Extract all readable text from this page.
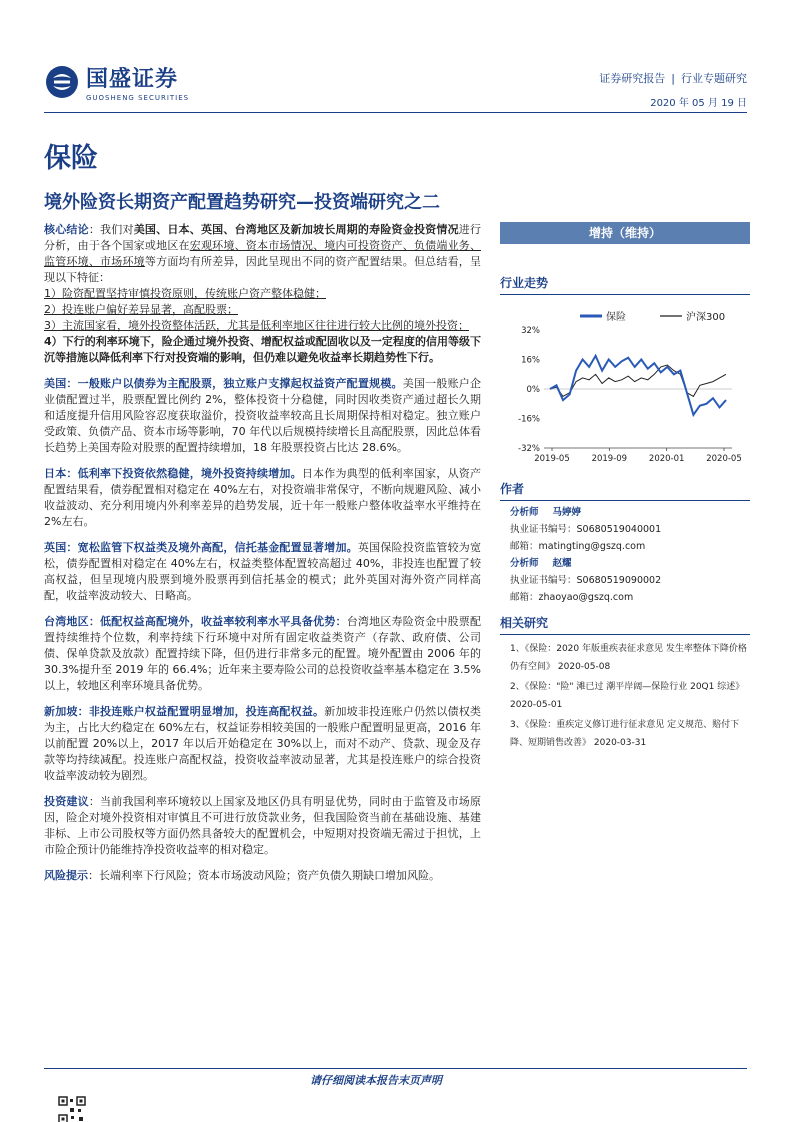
国盛证券
GUOSHENG SECURITIES
证券研究报告 | 行业专题研究
2020 年 05 月 19 日
保险
境外险资长期资产配置趋势研究—投资端研究之二

核心结论：我们对美国、日本、英国、台湾地区及新加坡长周期的寿险资金投资情况进行分析，由于各个国家或地区在宏观环境、资本市场情况、境内可投资资产、负债端业务、监管环境、市场环境等方面均有所差异，因此呈现出不同的资产配置结果。但总结看，呈现以下特征：
1）险资配置坚持审慎投资原则，传统账户资产整体稳健；
2）投连账户偏好差异显著，高配股票；
3）主流国家看，境外投资整体活跃，尤其是低利率地区往往进行较大比例的境外投资；
4）下行的利率环境下，险企通过境外投资、增配权益或配固收以及一定程度的信用等级下沉等措施以降低利率下行对投资端的影响，但仍难以避免收益率长期趋势性下行。

美国：一般账户以债券为主配股票，独立账户支撑起权益资产配置规模。美国一般账户企业债配置过半，股票配置比例约 2%，整体投资十分稳健，同时因收类资产通过超长久期和适度提升信用风险容忍度获取溢价，投资收益率较高且长周期保持相对稳定。独立账户受政策、负债产品、资本市场等影响，70 年代以后规模持续增长且高配股票，因此总体看长趋势上美国寿险对股票的配置持续增加，18 年股票投资占比达 28.6%。

日本：低利率下投资依然稳健，境外投资持续增加。日本作为典型的低利率国家，从资产配置结果看，债券配置相对稳定在 40%左右，对投资端非常保守，不断向规避风险、减小收益波动、充分利用境内外利率差异的趋势发展，近十年一般账户整体收益率水平维持在 2%左右。

英国：宽松监管下权益类及境外高配，信托基金配置显著增加。英国保险投资监管较为宽松，债券配置相对稳定在 40%左右，权益类整体配置较高超过 40%，非投连也配置了较高权益，但呈现境内股票到境外股票再到信托基金的模式；此外英国对海外资产同样高配，收益率波动较大、日略高。

台湾地区：低配权益高配境外，收益率较利率水平具备优势：台湾地区寿险资金中股票配置持续维持个位数，利率持续下行环境中对所有固定收益类资产（存款、政府债、公司债、保单贷款及放款）配置持续下降，但仍进行非常多元的配置。境外配置由 2006 年的 30.3%提升至 2019 年的 66.4%；近年来主要寿险公司的总投资收益率基本稳定在 3.5%以上，较地区利率环境具备优势。

新加坡：非投连账户权益配置明显增加，投连高配权益。新加坡非投连账户仍然以债权类为主，占比大约稳定在 60%左右，权益证券相较美国的一般账户配置明显更高，2016 年以前配置 20%以上，2017 年以后开始稳定在 30%以上，而对不动产、贷款、现金及存款等均持续减配。投连账户高配权益，投资收益率波动显著，尤其是投连账户的综合投资收益率波动较为剧烈。

投资建议：当前我国利率环境较以上国家及地区仍具有明显优势，同时由于监管及市场原因，险企对境外投资相对审慎且不可进行放贷款业务，但我国险资当前在基础设施、基建非标、上市公司股权等方面仍然具备较大的配置机会，中短期对投资端无需过于担忧，上市险企预计仍能维持净投资收益率的相对稳定。

风险提示：长端利率下行风险；资本市场波动风险；资产负债久期缺口增加风险。

增持（维持）
行业走势
保险	沪深300
32%
16%
0%
-16%
-32%
2019-05	2019-09	2020-01	2020-05
作者
分析师 马婷婷
执业证书编号：S0680519040001
邮箱：matingting@gszq.com
分析师 赵耀
执业证书编号：S0680519090002
邮箱：zhaoyao@gszq.com
相关研究
1、《保险：2020 年版重疾表征求意见 发生率整体下降价格仍有空间》 2020-05-08
2、《保险："险" 滩已过 潮平岸阔—保险行业 20Q1 综述》 2020-05-01
3、《保险：重疾定义修订进行征求意见 定义规范、赔付下降、短期销售改善》 2020-03-31
请仔细阅读本报告末页声明
